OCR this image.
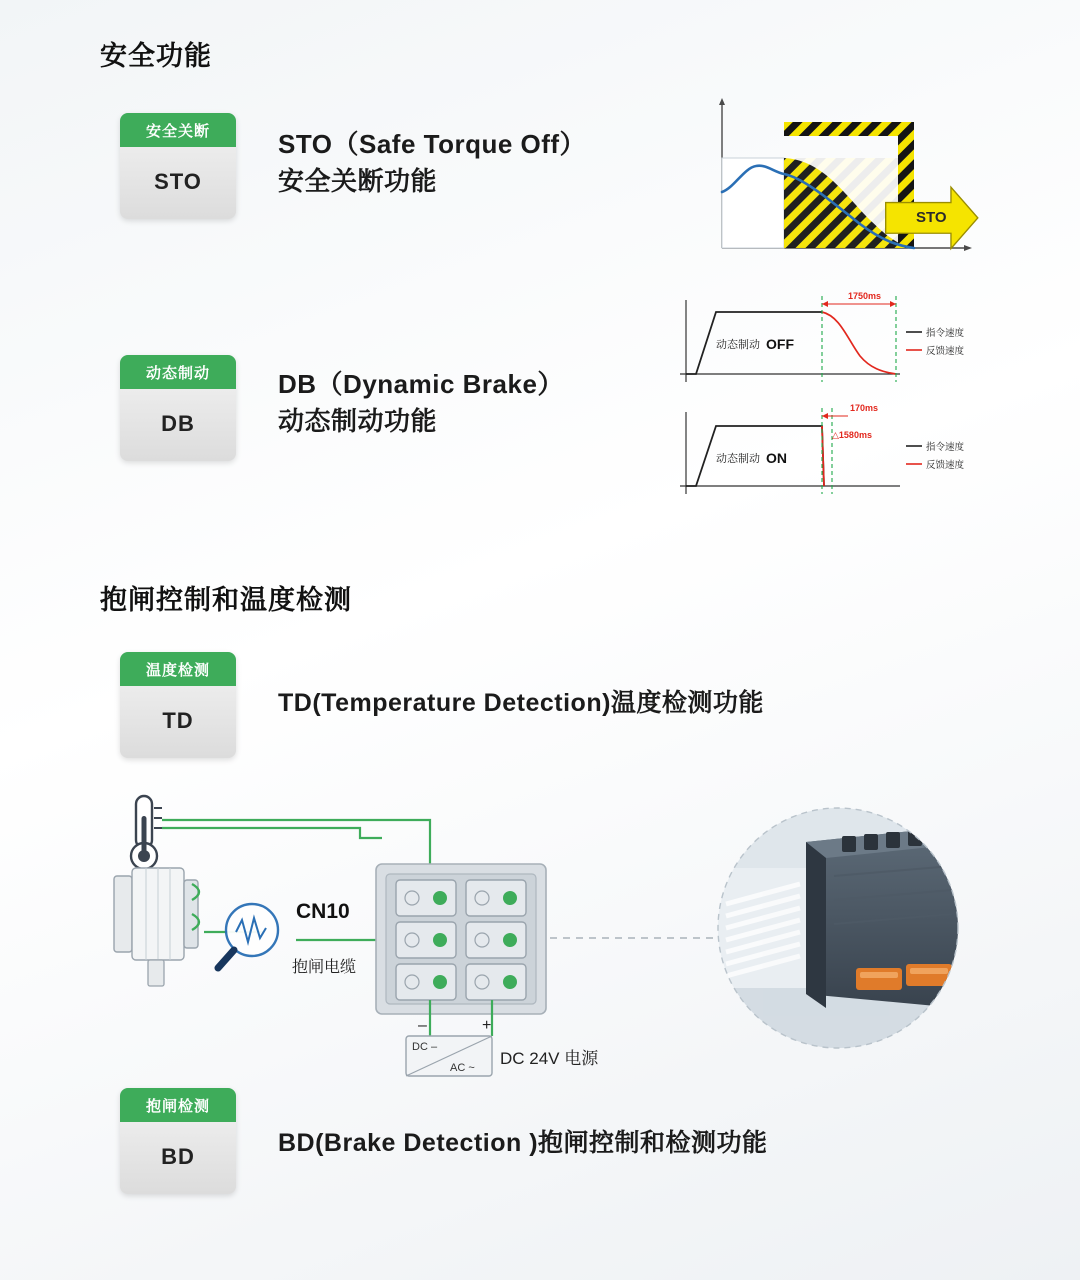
安全功能
安全关断
STO
STO（Safe Torque Off）
安全关断功能
STO
动态制动
DB
DB（Dynamic Brake）
动态制动功能
1750ms
动态制动 OFF
指令速度
反馈速度
170ms
△1580ms
动态制动 ON
指令速度
反馈速度
抱闸控制和温度检测
温度检测
TD
TD(Temperature Detection)温度检测功能
抱闸检测
BD	BD(Brake Detection )抱闸控制和检测功能
抱闸电缆
CN10
–	+
DC –
AC ~ DC 24V 电源
